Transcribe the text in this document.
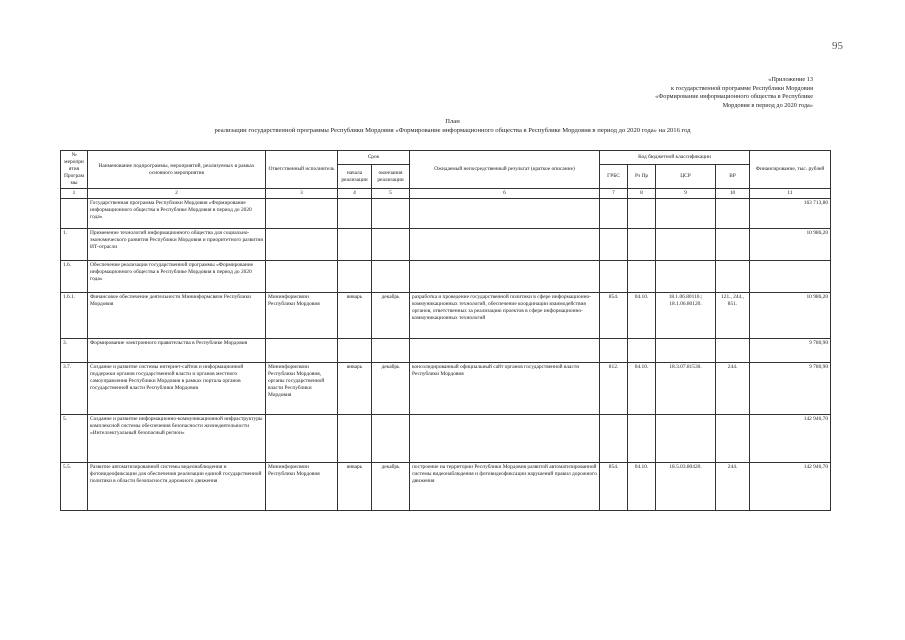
95
«Приложение 13
к государственной программе Республики Мордовия
«Формирование информационного общества в Республике
Мордовия в период до 2020 года»
План
реализации государственной программы Республики Мордовия «Формирование информационного общества в Республике Мордовия в период до 2020 года» на 2016 год
№ мероприятия Программы	Наименование подпрограммы, мероприятий, реализуемых в рамках основного мероприятия	Ответственный исполнитель	Срок		Ожидаемый непосредственный результат (краткое описание)	Код бюджетной классификации				Финансирование, тыс. рублей
			начала реализации	окончания реализации		ГРБС	Рз Пр	ЦСР	ВР	
1	2	3	4	5	6	7	8	9	10	11
	Государственная программа Республики Мордовия «Формирование информационного общества в Республике Мордовия в период до 2020 года»									163 713,80
1.	Применение технологий информационного общества для социально-экономического развития Республики Мордовия и приоритетного развития ИТ-отрасли									10 986,20
1.6.	Обеспечение реализации государственной программы «Формирование информационного общества в Республике Мордовия в период до 2020 года»									
1.6.1.	Финансовое обеспечение деятельности Мининформсвязи Республики Мордовия	Мининформсвязи Республики Мордовия	январь	декабрь	разработка и проведение государственной политики в сфере информационно-коммуникационных технологий, обеспечение координации взаимодействия органов, ответственных за реализацию проектов в сфере информационно-коммуникационных технологий	854.	04.10.	18.1.06.80110.; 18.1.06.80120.	121., 244., 851.	10 986,20
3.	Формирование электронного правительства в Республике Мордовия									9 780,90
3.7.	Создание и развитие системы интернет-сайтов и информационной поддержки органов государственной власти и органов местного самоуправления Республики Мордовия в рамках портала органов государственной власти Республики Мордовия	Мининформсвязи Республики Мордовия, органы государственной власти Республики Мордовия	январь	декабрь	консолидированный официальный сайт органов государственной власти Республики Мордовия	812.	04.10.	18.3.07.81530.	244.	9 780,90
5.	Создание и развитие информационно-коммуникационной инфраструктуры комплексной системы обеспечения безопасности жизнедеятельности «Интеллектуальный безопасный регион»									142 946,70
5.5.	Развитие автоматизированной системы видеонаблюдения и фотовидеофиксации для обеспечения реализации единой государственной политики в области безопасности дорожного движения	Мининформсвязи Республики Мордовия	январь	декабрь	построение на территории Республики Мордовия развитой автоматизированной системы видеонаблюдения и фотовидеофиксации нарушений правил дорожного движения	854.	04.10.	18.5.03.80420.	244.	142 946,70
